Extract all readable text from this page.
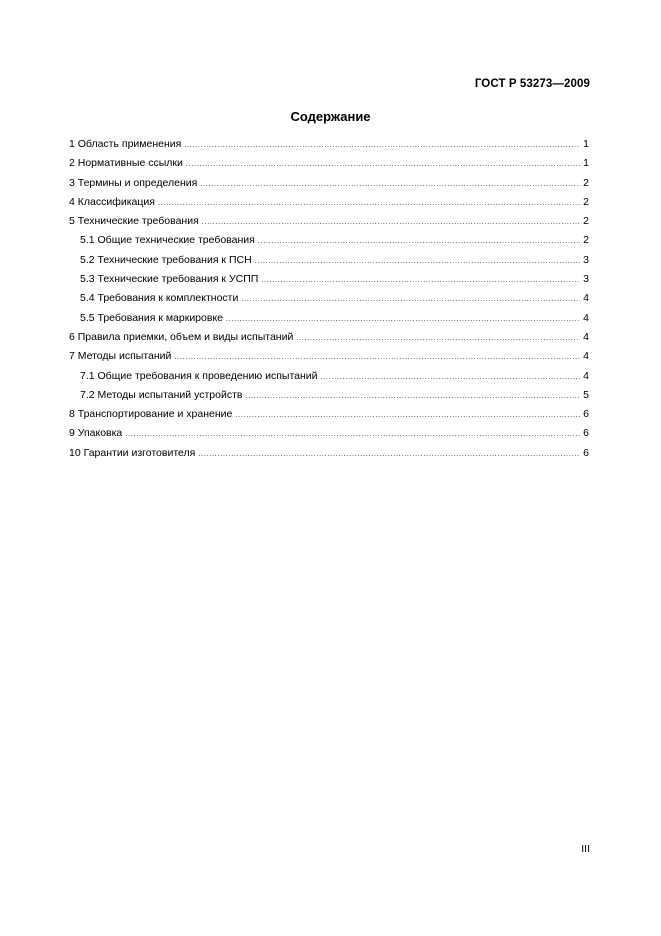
ГОСТ Р 53273—2009
Содержание
1 Область применения .....	1
2 Нормативные ссылки .....	1
3 Термины и определения .....	2
4 Классификация .....	2
5 Технические требования .....	2
5.1 Общие технические требования .....	2
5.2 Технические требования к ПСН .....	3
5.3 Технические требования к УСПП .....	3
5.4 Требования к комплектности .....	4
5.5 Требования к маркировке .....	4
6 Правила приемки, объем и виды испытаний .....	4
7 Методы испытаний .....	4
7.1 Общие требования к проведению испытаний .....	4
7.2 Методы испытаний устройств .....	5
8 Транспортирование и хранение .....	6
9 Упаковка .....	6
10 Гарантии изготовителя .....	6
III
